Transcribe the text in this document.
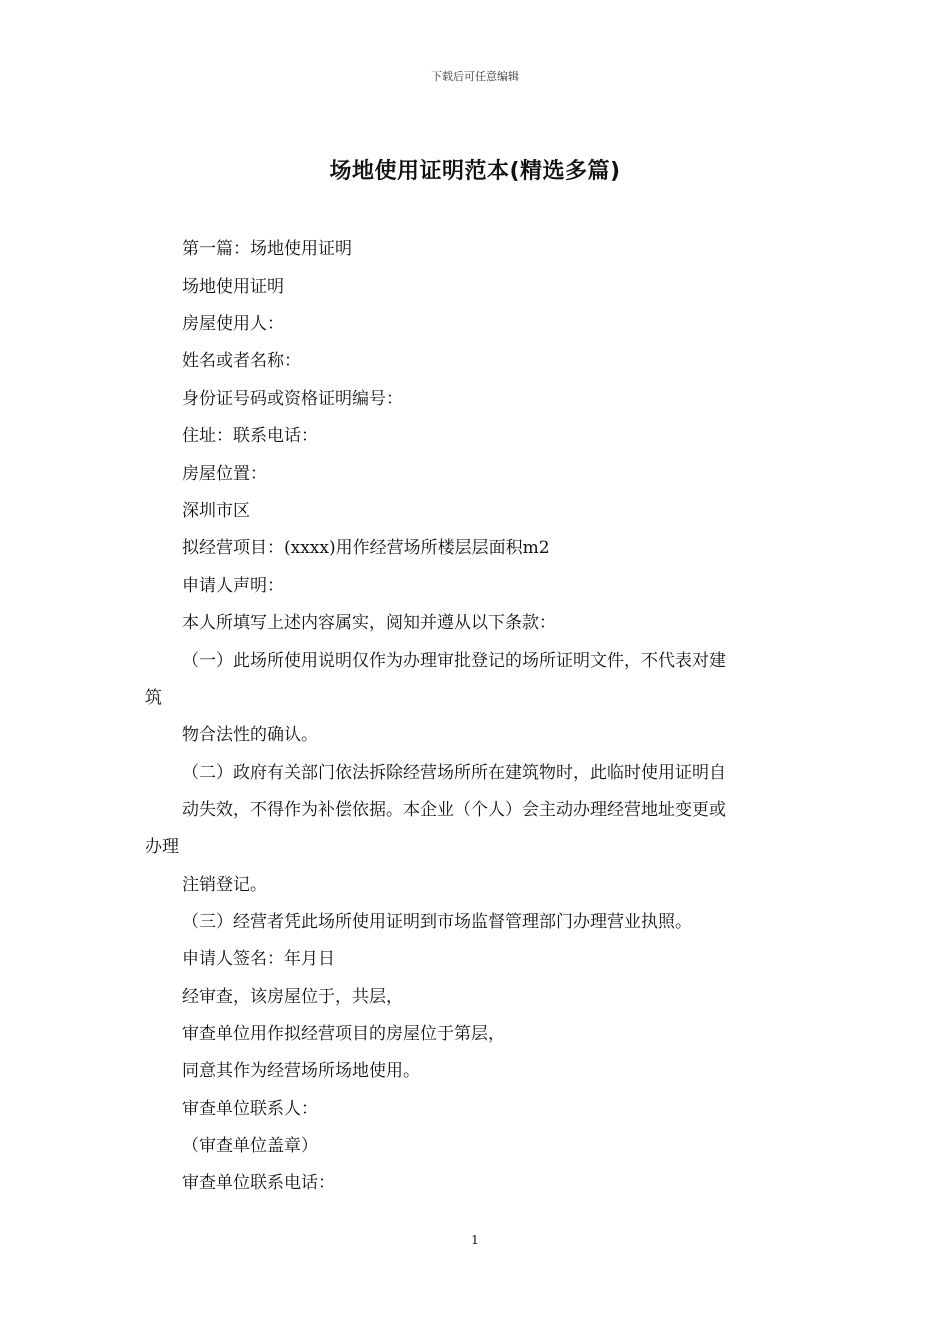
下载后可任意编辑
场地使用证明范本(精选多篇)
第一篇：场地使用证明
场地使用证明
房屋使用人：
姓名或者名称：
身份证号码或资格证明编号：
住址：联系电话：
房屋位置：
深圳市区
拟经营项目：(xxxx)用作经营场所楼层层面积m2
申请人声明：
本人所填写上述内容属实，阅知并遵从以下条款：
（一）此场所使用说明仅作为办理审批登记的场所证明文件，不代表对建
筑
物合法性的确认。
（二）政府有关部门依法拆除经营场所所在建筑物时，此临时使用证明自
动失效，不得作为补偿依据。本企业（个人）会主动办理经营地址变更或
办理
注销登记。
（三）经营者凭此场所使用证明到市场监督管理部门办理营业执照。
申请人签名：年月日
经审查，该房屋位于，共层，
审查单位用作拟经营项目的房屋位于第层，
同意其作为经营场所场地使用。
审查单位联系人：
（审查单位盖章）
审查单位联系电话：
1
